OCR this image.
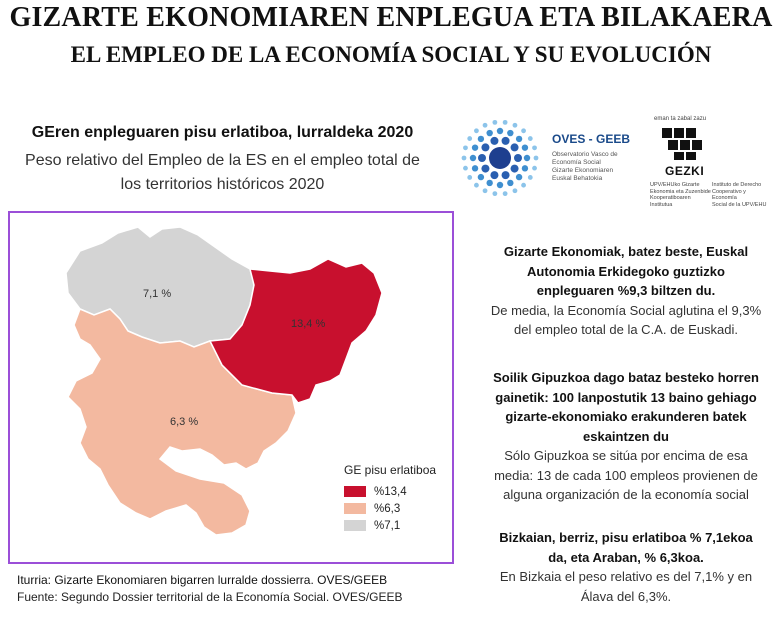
GIZARTE EKONOMIAREN ENPLEGUA ETA BILAKAERA
EL EMPLEO DE LA ECONOMÍA SOCIAL Y SU EVOLUCIÓN
GEren enpleguaren pisu erlatiboa, lurraldeka 2020
Peso relativo del Empleo de la ES en el empleo total de
los territorios históricos 2020
7,1 %
13,4 %
6,3 %
GE pisu erlatiboa
%13,4
%6,3
%7,1
Iturria: Gizarte Ekonomiaren bigarren lurralde dossierra. OVES/GEEB
Fuente: Segundo Dossier territorial de la Economía Social. OVES/GEEB
OVES - GEEB
Observatorio Vasco de
Economía Social
Gizarte Ekonomiaren
Euskal Behatokia
eman ta zabal zazu
GEZKI
UPV/EHUko Gizarte
Ekonomia eta Zuzenbide
Kooperatiboaren Institutua
Instituto de Derecho
Cooperativo y Economía
Social de la UPV/EHU
Gizarte Ekonomiak, batez beste, Euskal
Autonomia Erkidegoko guztizko
enpleguaren %9,3 biltzen du.
De media, la Economía Social aglutina el 9,3%
del empleo total de la C.A. de Euskadi.
Soilik Gipuzkoa dago bataz besteko horren
gainetik: 100 lanpostutik 13 baino gehiago
gizarte-ekonomiako erakunderen batek
eskaintzen du
Sólo Gipuzkoa se sitúa por encima de esa
media: 13 de cada 100 empleos provienen de
alguna organización de la economía social
Bizkaian, berriz, pisu erlatiboa % 7,1ekoa
da, eta Araban, % 6,3koa.
En Bizkaia el peso relativo es del 7,1% y en
Álava del 6,3%.
